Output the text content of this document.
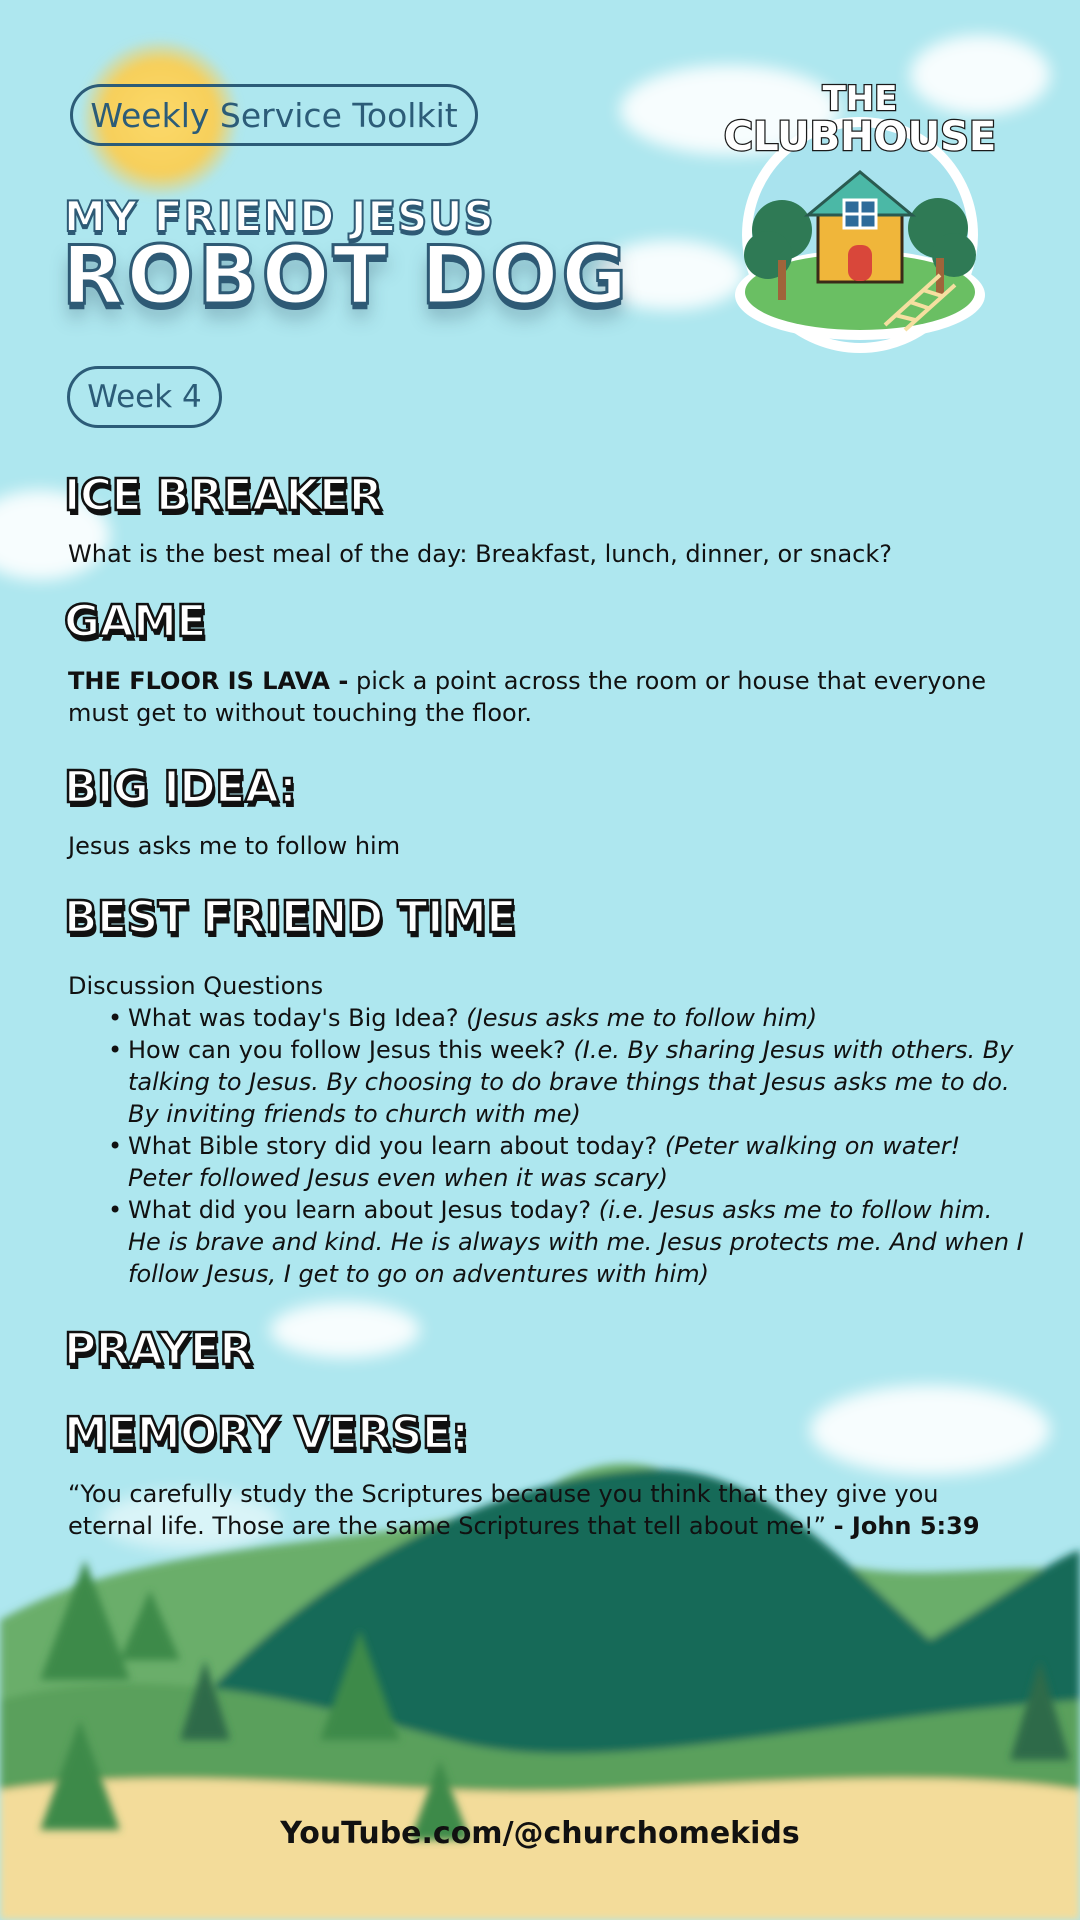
Weekly Service Toolkit
MY FRIEND JESUS
ROBOT DOG
Week 4
THE
CLUBHOUSE
ICE BREAKER

What is the best meal of the day: Breakfast, lunch, dinner, or snack?

GAME

THE FLOOR IS LAVA - pick a point across the room or house that everyone must get to without touching the floor.

BIG IDEA:

Jesus asks me to follow him

BEST FRIEND TIME

Discussion Questions

• What was today's Big Idea? (Jesus asks me to follow him)
• How can you follow Jesus this week? (I.e. By sharing Jesus with others. By talking to Jesus. By choosing to do brave things that Jesus asks me to do. By inviting friends to church with me)
• What Bible story did you learn about today? (Peter walking on water! Peter followed Jesus even when it was scary)
• What did you learn about Jesus today? (i.e. Jesus asks me to follow him. He is brave and kind. He is always with me. Jesus protects me. And when I follow Jesus, I get to go on adventures with him)
PRAYER
MEMORY VERSE:

“You carefully study the Scriptures because you think that they give you eternal life. Those are the same Scriptures that tell about me!” - John 5:39

YouTube.com/@churchomekids
